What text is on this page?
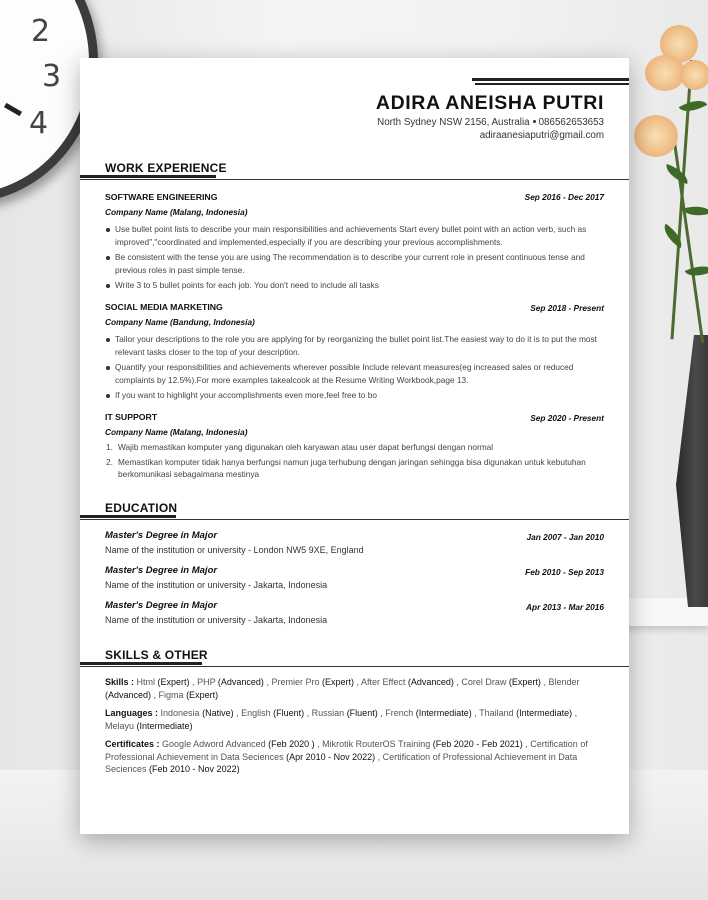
2
3
4
ADIRA ANEISHA PUTRI
North Sydney NSW 2156, Australia 086562653653
adiraanesiaputri@gmail.com
WORK EXPERIENCE
SOFTWARE ENGINEERING	Sep 2016 - Dec 2017
Company Name (Malang, Indonesia)
Use bullet point lists to describe your main responsibilities and achievements Start every bullet point with an action verb, such as improved","coordinated and implemented,especially if you are describing your previous accomplishments.
Be consistent with the tense you are using The recommendation is to describe your current role in present continuous tense and previous roles in past simple tense.
Write 3 to 5 bullet points for each job. You don't need to include all tasks
SOCIAL MEDIA MARKETING	Sep 2018 - Present
Company Name (Bandung, Indonesia)
Tailor your descriptions to the role you are applying for by reorganizing the bullet point list.The easiest way to do it is to put the most relevant tasks closer to the top of your description.
Quantify your responsibilities and achievements wherever possible Include relevant measures(eg increased sales or reduced complaints by 12.5%).For more examples takealcook at the Resume Writing Workbook,page 13.
If you want to highlight your accomplishments even more,feel free to bo
IT SUPPORT	Sep 2020 - Present
Company Name (Malang, Indonesia)
1. Wajib memastikan komputer yang digunakan oleh karyawan atau user dapat berfungsi dengan normal
2. Memastikan komputer tidak hanya berfungsi namun juga terhubung dengan jaringan sehingga bisa digunakan untuk kebutuhan berkomunikasi sebagaimana mestinya
EDUCATION
Master's Degree in Major	Jan 2007 - Jan 2010
Name of the institution or university - London NW5 9XE, England
Master's Degree in Major	Feb 2010 - Sep 2013
Name of the institution or university - Jakarta, Indonesia
Master's Degree in Major	Apr 2013 - Mar 2016
Name of the institution or university - Jakarta, Indonesia
SKILLS & OTHER

Skills : Html (Expert) , PHP (Advanced) , Premier Pro (Expert) , After Effect (Advanced) , Corel Draw (Expert) , Blender (Advanced) , Figma (Expert)

Languages : Indonesia (Native) , English (Fluent) , Russian (Fluent) , French (Intermediate) , Thailand (Intermediate) , Melayu (Intermediate)

Certificates : Google Adword Advanced (Feb 2020 ) , Mikrotik RouterOS Training (Feb 2020 - Feb 2021) , Certification of Professional Achievement in Data Seciences (Apr 2010 - Nov 2022) , Certification of Professional Achievement in Data Seciences (Feb 2010 - Nov 2022)
